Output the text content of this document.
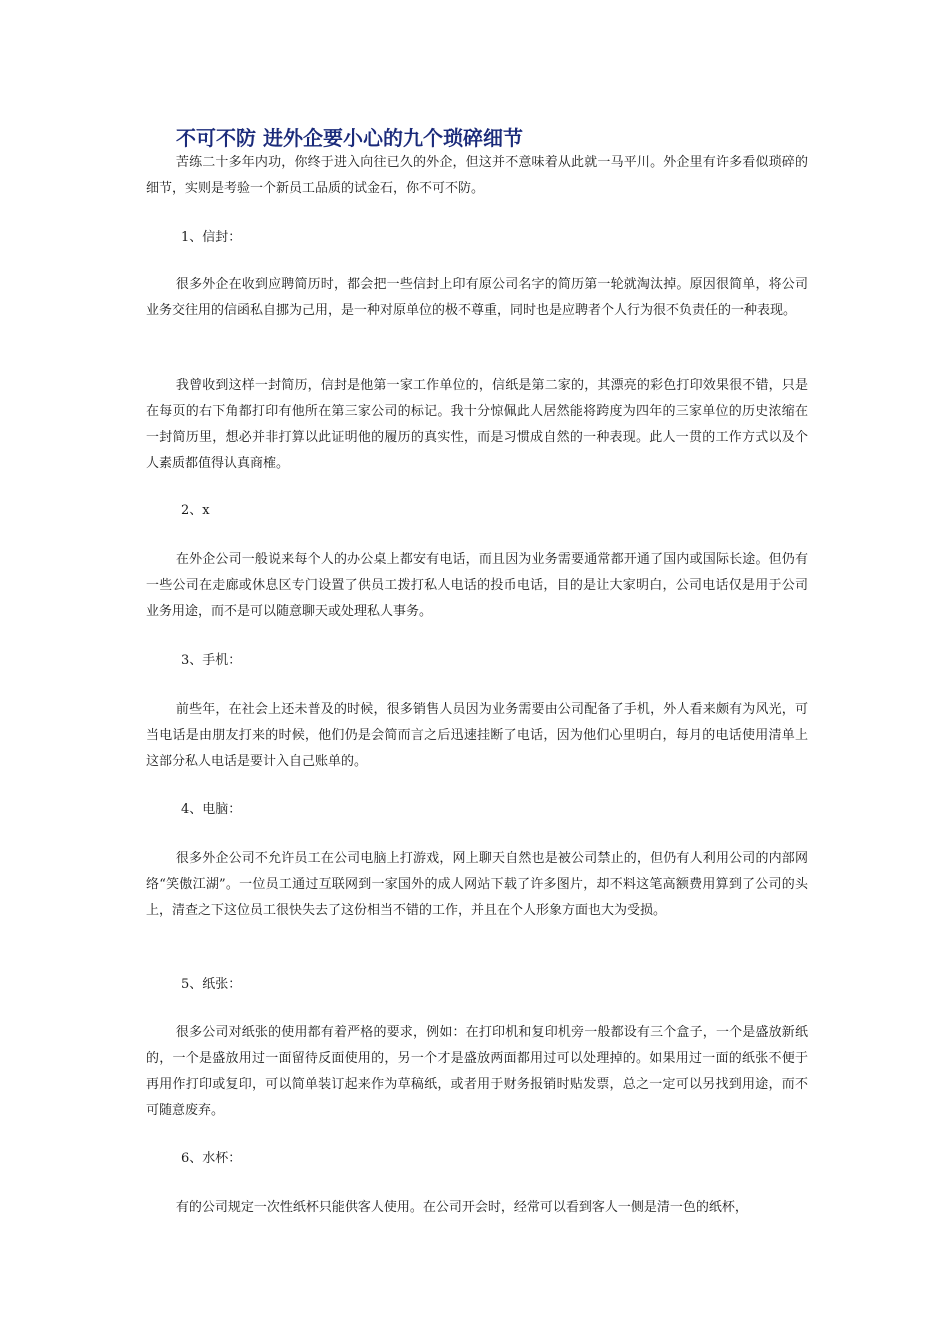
不可不防 进外企要小心的九个琐碎细节

苦练二十多年内功，你终于进入向往已久的外企，但这并不意味着从此就一马平川。外企里有许多看似琐碎的细节，实则是考验一个新员工品质的试金石，你不可不防。

1、信封：

很多外企在收到应聘简历时，都会把一些信封上印有原公司名字的简历第一轮就淘汰掉。原因很简单，将公司业务交往用的信函私自挪为己用，是一种对原单位的极不尊重，同时也是应聘者个人行为很不负责任的一种表现。

我曾收到这样一封简历，信封是他第一家工作单位的，信纸是第二家的，其漂亮的彩色打印效果很不错，只是在每页的右下角都打印有他所在第三家公司的标记。我十分惊佩此人居然能将跨度为四年的三家单位的历史浓缩在一封简历里，想必并非打算以此证明他的履历的真实性，而是习惯成自然的一种表现。此人一贯的工作方式以及个人素质都值得认真商榷。

2、x

在外企公司一般说来每个人的办公桌上都安有电话，而且因为业务需要通常都开通了国内或国际长途。但仍有一些公司在走廊或休息区专门设置了供员工拨打私人电话的投币电话，目的是让大家明白，公司电话仅是用于公司业务用途，而不是可以随意聊天或处理私人事务。

3、手机：

前些年，在社会上还未普及的时候，很多销售人员因为业务需要由公司配备了手机，外人看来颇有为风光，可当电话是由朋友打来的时候，他们仍是会简而言之后迅速挂断了电话，因为他们心里明白，每月的电话使用清单上这部分私人电话是要计入自己账单的。

4、电脑：

很多外企公司不允许员工在公司电脑上打游戏，网上聊天自然也是被公司禁止的，但仍有人利用公司的内部网络“笑傲江湖”。一位员工通过互联网到一家国外的成人网站下载了许多图片，却不料这笔高额费用算到了公司的头上，清查之下这位员工很快失去了这份相当不错的工作，并且在个人形象方面也大为受损。

5、纸张：

很多公司对纸张的使用都有着严格的要求，例如：在打印机和复印机旁一般都设有三个盒子，一个是盛放新纸的，一个是盛放用过一面留待反面使用的，另一个才是盛放两面都用过可以处理掉的。如果用过一面的纸张不便于再用作打印或复印，可以简单装订起来作为草稿纸，或者用于财务报销时贴发票，总之一定可以另找到用途，而不可随意废弃。

6、水杯：

有的公司规定一次性纸杯只能供客人使用。在公司开会时，经常可以看到客人一侧是清一色的纸杯，
